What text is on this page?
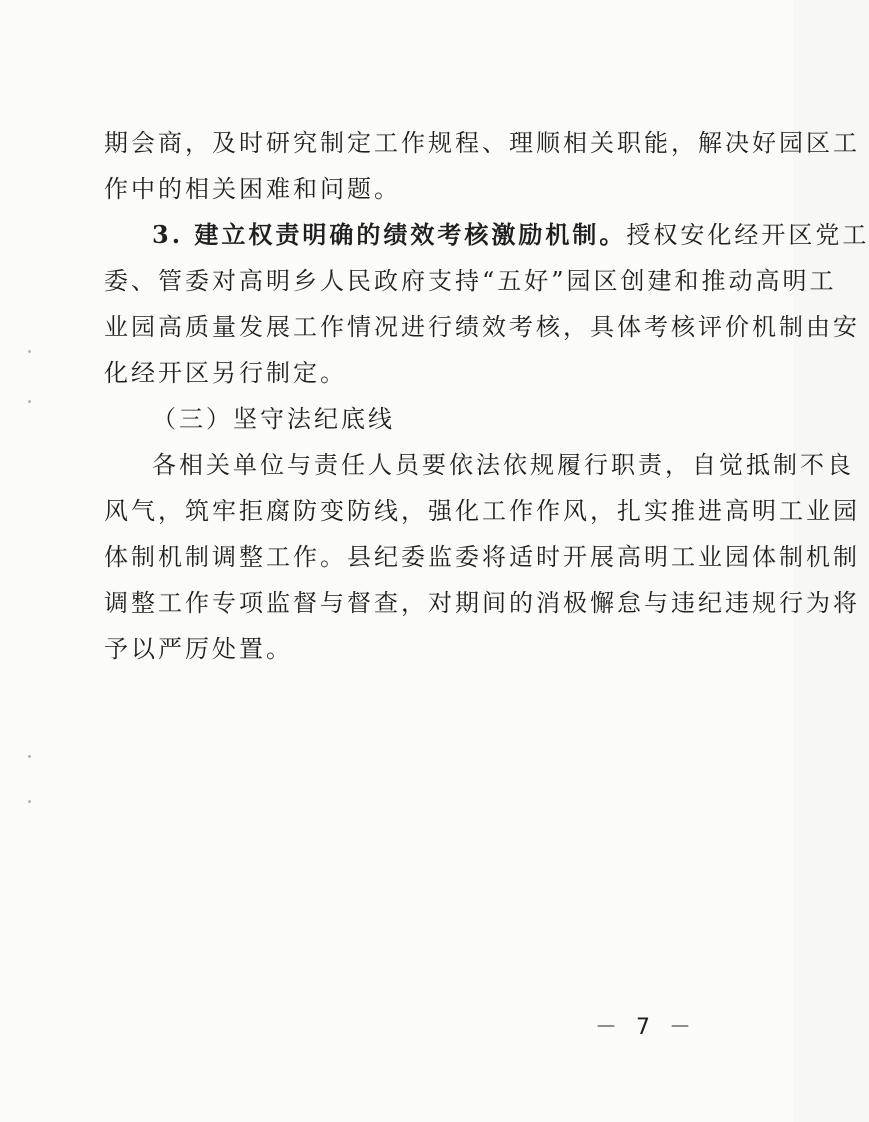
期会商，及时研究制定工作规程、理顺相关职能，解决好园区工
作中的相关困难和问题。
3. 建立权责明确的绩效考核激励机制。授权安化经开区党工
委、管委对高明乡人民政府支持“五好”园区创建和推动高明工
业园高质量发展工作情况进行绩效考核，具体考核评价机制由安
化经开区另行制定。
（三）坚守法纪底线
各相关单位与责任人员要依法依规履行职责，自觉抵制不良
风气，筑牢拒腐防变防线，强化工作作风，扎实推进高明工业园
体制机制调整工作。县纪委监委将适时开展高明工业园体制机制
调整工作专项监督与督查，对期间的消极懈怠与违纪违规行为将
予以严厉处置。
－ 7 －
